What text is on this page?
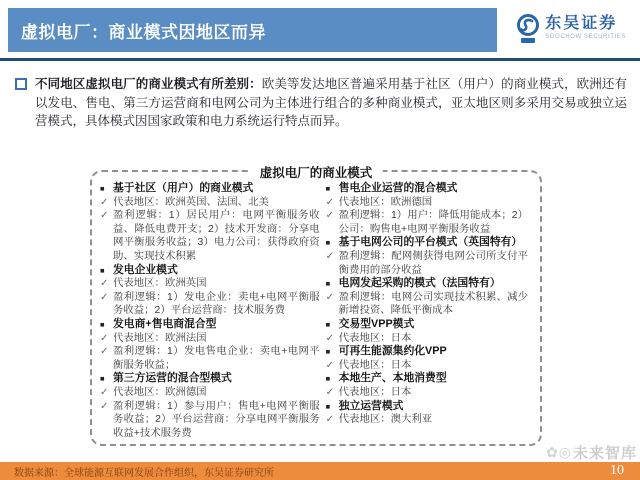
虚拟电厂：商业模式因地区而异	东吴证券
SOOCHOW SECURITIES

不同地区虚拟电厂的商业模式有所差别：欧美等发达地区普遍采用基于社区（用户）的商业模式，欧洲还有以发电、售电、第三方运营商和电网公司为主体进行组合的多种商业模式，亚太地区则多采用交易或独立运营模式，具体模式因国家政策和电力系统运行特点而异。

虚拟电厂的商业模式
■ 基于社区（用户）的商业模式
✓ 代表地区：欧洲英国、法国、北美
✓ 盈利逻辑：1）居民用户：电网平衡服务收益、降低电费开支；2）技术开发商：分享电网平衡服务收益；3）电力公司：获得政府资助、实现技术积累
■ 发电企业模式
✓ 代表地区：欧洲英国
✓ 盈利逻辑：1）发电企业：卖电+电网平衡服务收益；2）平台运营商：技术服务费
■ 发电商+售电商混合型
✓ 代表地区：欧洲法国
✓ 盈利逻辑：1）发电售电企业：卖电+电网平衡服务收益；
■ 第三方运营的混合型模式
✓ 代表地区：欧洲德国
✓ 盈利逻辑：1）参与用户：售电+电网平衡服务收益；2）平台运营商：分享电网平衡服务收益+技术服务费
■ 售电企业运营的混合模式
✓ 代表地区：欧洲德国
✓ 盈利逻辑：1）用户：降低用能成本；2）公司：购售电+电网平衡服务收益
■ 基于电网公司的平台模式（英国特有）
✓ 盈利逻辑：配网侧获得电网公司所支付平衡费用的部分收益
■ 电网发起采购的模式（法国特有）
✓ 盈利逻辑：电网公司实现技术积累、减少新增投资、降低平衡成本
■ 交易型VPP模式
✓ 代表地区：日本
■ 可再生能源集约化VPP
✓ 代表地区：日本
■ 本地生产、本地消费型
✓ 代表地区：日本
■ 独立运营模式
✓ 代表地区：澳大利亚
✿◎ 未来智库
数据来源：全球能源互联网发展合作组织，东吴证券研究所	10
